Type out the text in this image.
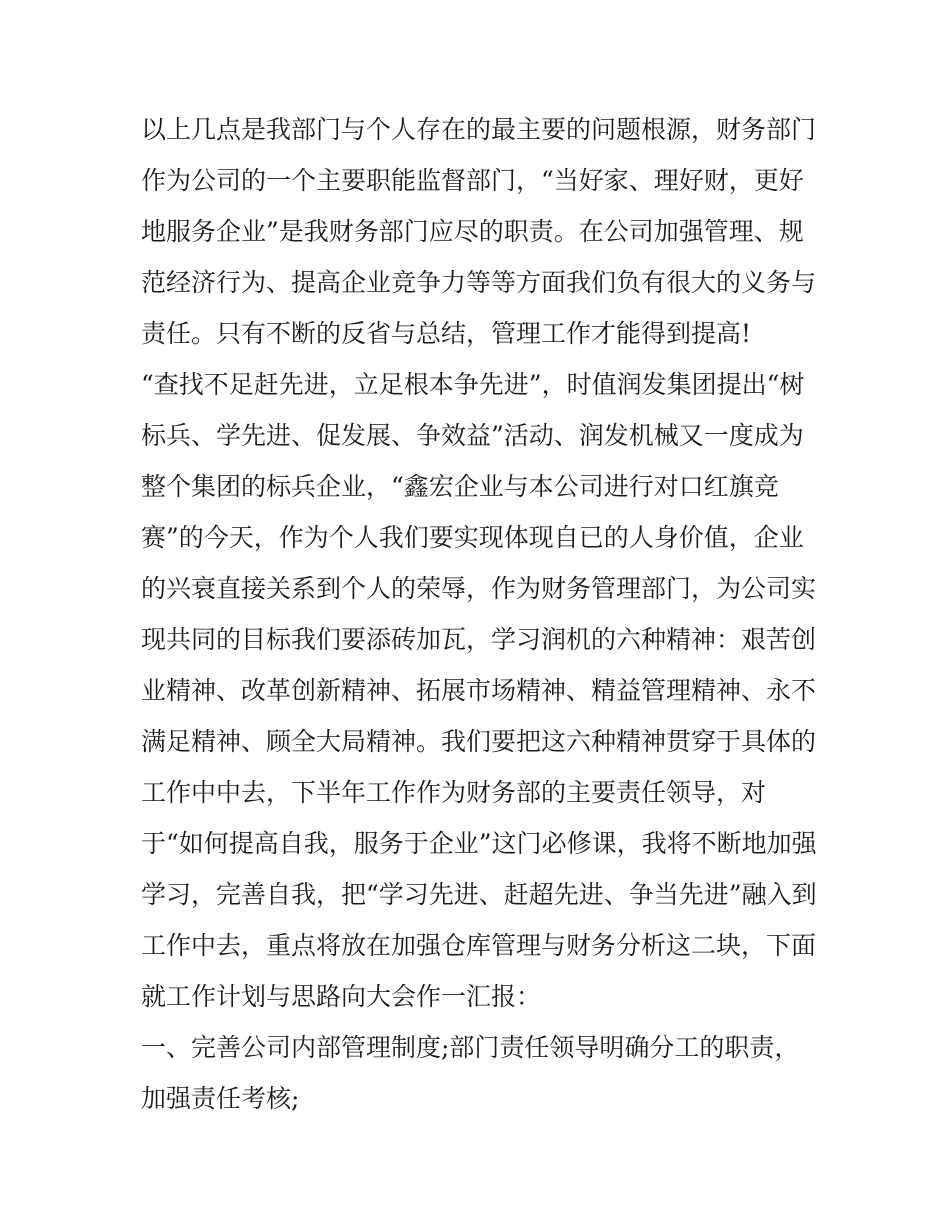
以上几点是我部门与个人存在的最主要的问题根源，财务部门
作为公司的一个主要职能监督部门，“当好家、理好财，更好
地服务企业”是我财务部门应尽的职责。在公司加强管理、规
范经济行为、提高企业竞争力等等方面我们负有很大的义务与
责任。只有不断的反省与总结，管理工作才能得到提高!
“查找不足赶先进，立足根本争先进”，时值润发集团提出“树
标兵、学先进、促发展、争效益”活动、润发机械又一度成为
整个集团的标兵企业，“鑫宏企业与本公司进行对口红旗竞
赛”的今天，作为个人我们要实现体现自已的人身价值，企业
的兴衰直接关系到个人的荣辱，作为财务管理部门，为公司实
现共同的目标我们要添砖加瓦，学习润机的六种精神：艰苦创
业精神、改革创新精神、拓展市场精神、精益管理精神、永不
满足精神、顾全大局精神。我们要把这六种精神贯穿于具体的
工作中中去，下半年工作作为财务部的主要责任领导，对
于“如何提高自我，服务于企业”这门必修课，我将不断地加强
学习，完善自我，把“学习先进、赶超先进、争当先进”融入到
工作中去，重点将放在加强仓库管理与财务分析这二块，下面
就工作计划与思路向大会作一汇报：
一、完善公司内部管理制度;部门责任领导明确分工的职责，
加强责任考核;
